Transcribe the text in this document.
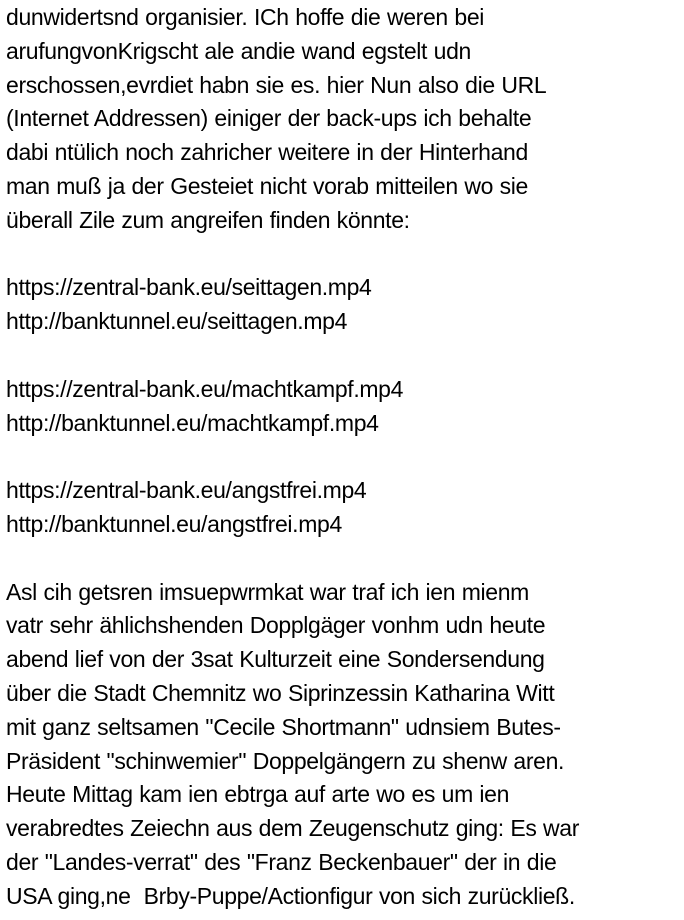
dunwidertsnd organisier. ICh hoffe die weren bei
arufungvonKrigscht ale andie wand egstelt udn
erschossen,evrdiet habn sie es. hier Nun also die URL
(Internet Addressen) einiger der back-ups ich behalte
dabi ntülich noch zahricher weitere in der Hinterhand
man muß ja der Gesteiet nicht vorab mitteilen wo sie
überall Zile zum angreifen finden könnte:
https://zentral-bank.eu/seittagen.mp4
http://banktunnel.eu/seittagen.mp4
https://zentral-bank.eu/machtkampf.mp4
http://banktunnel.eu/machtkampf.mp4
https://zentral-bank.eu/angstfrei.mp4
http://banktunnel.eu/angstfrei.mp4
Asl cih getsren imsuepwrmkat war traf ich ien mienm
vatr sehr ählichshenden Dopplgäger vonhm udn heute
abend lief von der 3sat Kulturzeit eine Sondersendung
über die Stadt Chemnitz wo Siprinzessin Katharina Witt
mit ganz seltsamen "Cecile Shortmann" udnsiem Butes-
Präsident "schinwemier" Doppelgängern zu shenw aren.
Heute Mittag kam ien ebtrga auf arte wo es um ien
verabredtes Zeiechn aus dem Zeugenschutz ging: Es war
der "Landes-verrat" des "Franz Beckenbauer" der in die
USA ging,ne  Brby-Puppe/Actionfigur von sich zurückließ.
